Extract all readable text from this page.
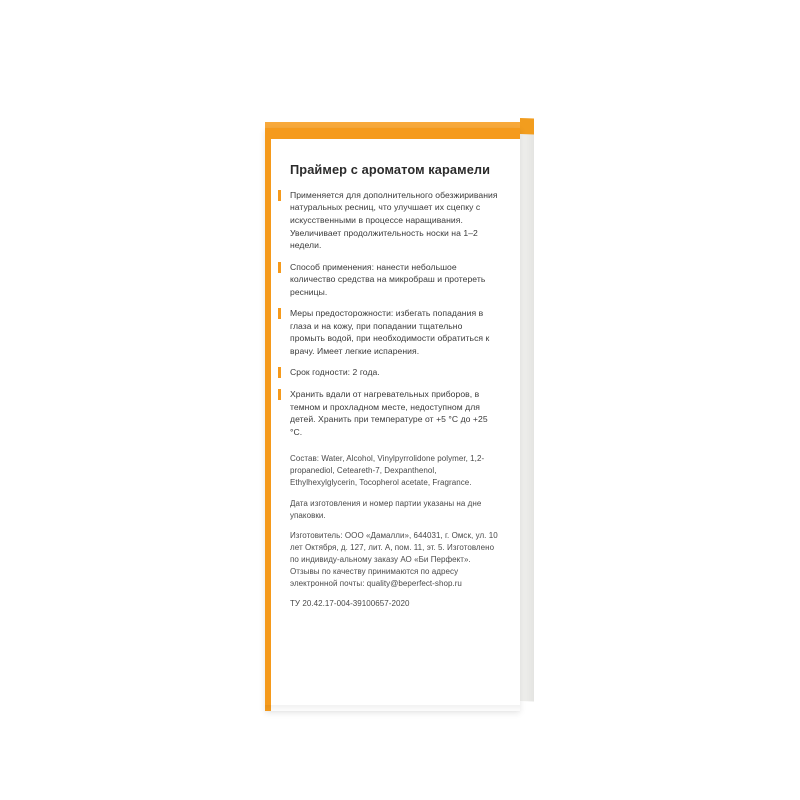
Праймер с ароматом карамели

Применяется для дополнительного обезжиривания натуральных ресниц, что улучшает их сцепку с искусственными в процессе наращивания. Увеличивает продолжительность носки на 1–2 недели.

Способ применения: нанести небольшое количество средства на микробраш и протереть ресницы.

Меры предосторожности: избегать попадания в глаза и на кожу, при попадании тщательно промыть водой, при необходимости обратиться к врачу. Имеет легкие испарения.

Срок годности: 2 года.

Хранить вдали от нагревательных приборов, в темном и прохладном месте, недоступном для детей. Хранить при температуре от +5 °С до +25 °С.

Состав: Water, Alcohol, Vinylpyrrolidone polymer, 1,2-propanediol, Ceteareth-7, Dexpanthenol, Ethylhexylglycerin, Tocopherol acetate, Fragrance.

Дата изготовления и номер партии указаны на дне упаковки.

Изготовитель: ООО «Дамалли», 644031, г. Омск, ул. 10 лет Октября, д. 127, лит. А, пом. 11, эт. 5. Изготовлено по индивиду-альному заказу АО «Би Перфект». Отзывы по качеству принимаются по адресу электронной почты: quality@beperfect-shop.ru

ТУ 20.42.17-004-39100657-2020
